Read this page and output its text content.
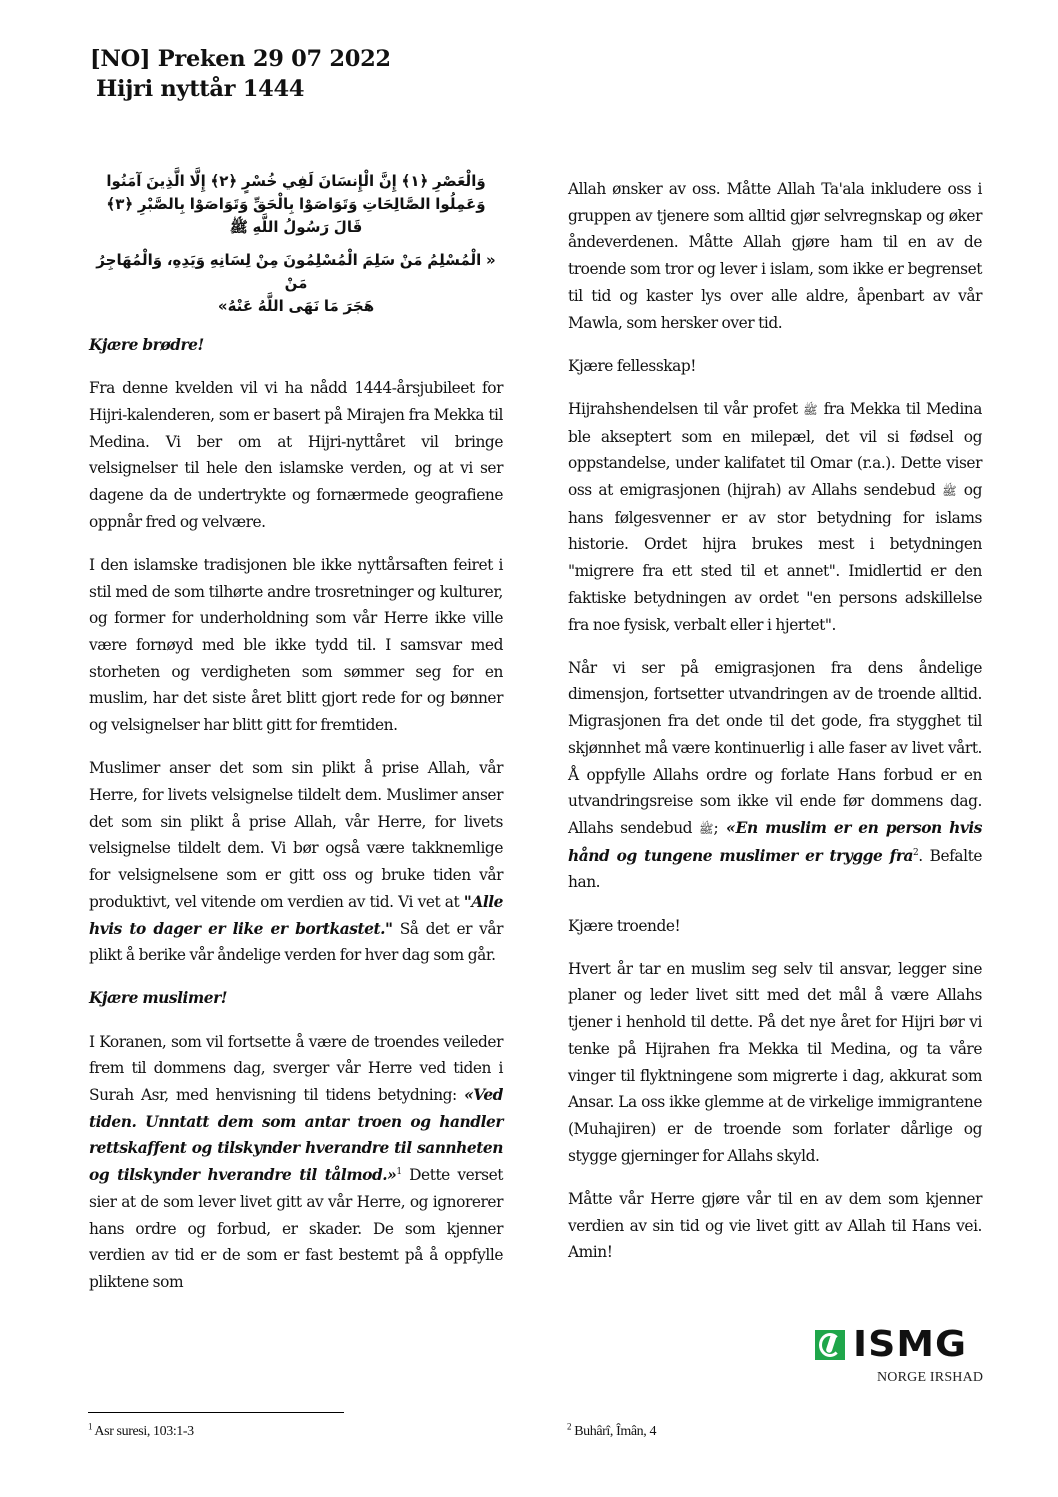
[NO] Preken 29 07 2022
Hijri nyttår 1444
وَالْعَصْرِ ﴿١﴾ إِنَّ الْإِنسَانَ لَفِي خُسْرٍ ﴿٢﴾ إِلَّا الَّذِينَ آمَنُوا
وَعَمِلُوا الصَّالِحَاتِ وَتَوَاصَوْا بِالْحَقِّ وَتَوَاصَوْا بِالصَّبْرِ ﴿٣﴾
قَالَ رَسُولُ اللَّهِ ﷺ
« الْمُسْلِمُ مَنْ سَلِمَ الْمُسْلِمُونَ مِنْ لِسَانِهِ وَيَدِهِ، وَالْمُهَاجِرُ مَنْ
هَجَرَ مَا نَهَى اللَّهُ عَنْهُ»

Kjære brødre!

Fra denne kvelden vil vi ha nådd 1444-årsjubileet for Hijri-kalenderen, som er basert på Mirajen fra Mekka til Medina. Vi ber om at Hijri-nyttåret vil bringe velsignelser til hele den islamske verden, og at vi ser dagene da de undertrykte og fornærmede geografiene oppnår fred og velvære.

I den islamske tradisjonen ble ikke nyttårsaften feiret i stil med de som tilhørte andre trosretninger og kulturer, og former for underholdning som vår Herre ikke ville være fornøyd med ble ikke tydd til. I samsvar med storheten og verdigheten som sømmer seg for en muslim, har det siste året blitt gjort rede for og bønner og velsignelser har blitt gitt for fremtiden.

Muslimer anser det som sin plikt å prise Allah, vår Herre, for livets velsignelse tildelt dem. Muslimer anser det som sin plikt å prise Allah, vår Herre, for livets velsignelse tildelt dem. Vi bør også være takknemlige for velsignelsene som er gitt oss og bruke tiden vår produktivt, vel vitende om verdien av tid. Vi vet at "Alle hvis to dager er like er bortkastet." Så det er vår plikt å berike vår åndelige verden for hver dag som går.

Kjære muslimer!

I Koranen, som vil fortsette å være de troendes veileder frem til dommens dag, sverger vår Herre ved tiden i Surah Asr, med henvisning til tidens betydning: «Ved tiden. Unntatt dem som antar troen og handler rettskaffent og tilskynder hverandre til sannheten og tilskynder hverandre til tålmod.»$^1$ Dette verset sier at de som lever livet gitt av vår Herre, og ignorerer hans ordre og forbud, er skader. De som kjenner verdien av tid er de som er fast bestemt på å oppfylle pliktene som

Allah ønsker av oss. Måtte Allah Ta'ala inkludere oss i gruppen av tjenere som alltid gjør selvregnskap og øker åndeverdenen. Måtte Allah gjøre ham til en av de troende som tror og lever i islam, som ikke er begrenset til tid og kaster lys over alle aldre, åpenbart av vår Mawla, som hersker over tid.

Kjære fellesskap!

Hijrahshendelsen til vår profet ﷺ fra Mekka til Medina ble akseptert som en milepæl, det vil si fødsel og oppstandelse, under kalifatet til Omar (r.a.). Dette viser oss at emigrasjonen (hijrah) av Allahs sendebud ﷺ og hans følgesvenner er av stor betydning for islams historie. Ordet hijra brukes mest i betydningen "migrere fra ett sted til et annet". Imidlertid er den faktiske betydningen av ordet "en persons adskillelse fra noe fysisk, verbalt eller i hjertet".

Når vi ser på emigrasjonen fra dens åndelige dimensjon, fortsetter utvandringen av de troende alltid. Migrasjonen fra det onde til det gode, fra stygghet til skjønnhet må være kontinuerlig i alle faser av livet vårt. Å oppfylle Allahs ordre og forlate Hans forbud er en utvandringsreise som ikke vil ende før dommens dag. Allahs sendebud ﷺ; «En muslim er en person hvis hånd og tungene muslimer er trygge fra$^2$. Befalte han.

Kjære troende!

Hvert år tar en muslim seg selv til ansvar, legger sine planer og leder livet sitt med det mål å være Allahs tjener i henhold til dette. På det nye året for Hijri bør vi tenke på Hijrahen fra Mekka til Medina, og ta våre vinger til flyktningene som migrerte i dag, akkurat som Ansar. La oss ikke glemme at de virkelige immigrantene (Muhajiren) er de troende som forlater dårlige og stygge gjerninger for Allahs skyld.

Måtte vår Herre gjøre vår til en av dem som kjenner verdien av sin tid og vie livet gitt av Allah til Hans vei. Amin!

ISMG
NORGE IRSHAD
$^1$ Asr suresi, 103:1-3	$^2$ Buhârî, Îmân, 4
